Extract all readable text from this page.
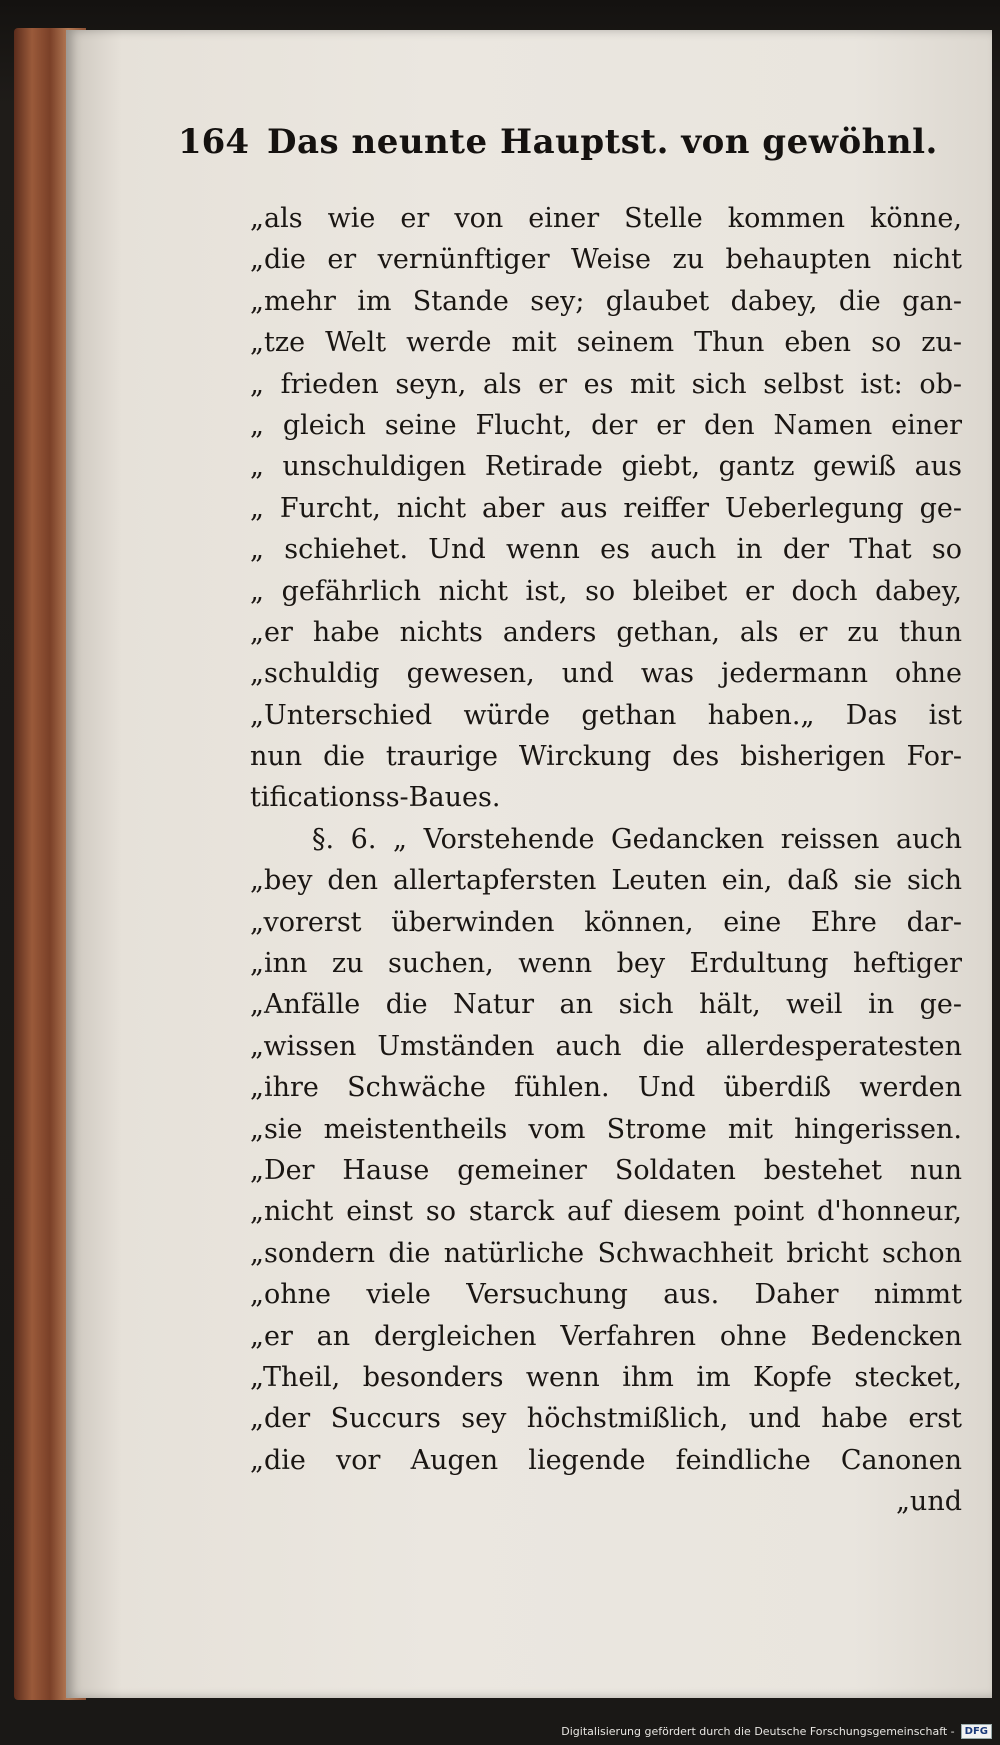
164 Das neunte Hauptst. von gewöhnl.
„als wie er von einer Stelle kommen könne,
„die er vernünftiger Weise zu behaupten nicht
„mehr im Stande sey; glaubet dabey, die gan-
„tze Welt werde mit seinem Thun eben so zu-
„ frieden seyn, als er es mit sich selbst ist: ob-
„ gleich seine Flucht, der er den Namen einer
„ unschuldigen Retirade giebt, gantz gewiß aus
„ Furcht, nicht aber aus reiffer Ueberlegung ge-
„ schiehet. Und wenn es auch in der That so
„ gefährlich nicht ist, so bleibet er doch dabey,
„er habe nichts anders gethan, als er zu thun
„schuldig gewesen, und was jedermann ohne
„Unterschied würde gethan haben.„ Das ist
nun die traurige Wirckung des bisherigen For-
tificationss-Baues.
§. 6. „ Vorstehende Gedancken reissen auch
„bey den allertapfersten Leuten ein, daß sie sich
„vorerst überwinden können, eine Ehre dar-
„inn zu suchen, wenn bey Erdultung heftiger
„Anfälle die Natur an sich hält, weil in ge-
„wissen Umständen auch die allerdesperatesten
„ihre Schwäche fühlen. Und überdiß werden
„sie meistentheils vom Strome mit hingerissen.
„Der Hause gemeiner Soldaten bestehet nun
„nicht einst so starck auf diesem point d'honneur,
„sondern die natürliche Schwachheit bricht schon
„ohne viele Versuchung aus. Daher nimmt
„er an dergleichen Verfahren ohne Bedencken
„Theil, besonders wenn ihm im Kopfe stecket,
„der Succurs sey höchstmißlich, und habe erst
„die vor Augen liegende feindliche Canonen
„und
Digitalisierung gefördert durch die Deutsche Forschungsgemeinschaft -	DFG
